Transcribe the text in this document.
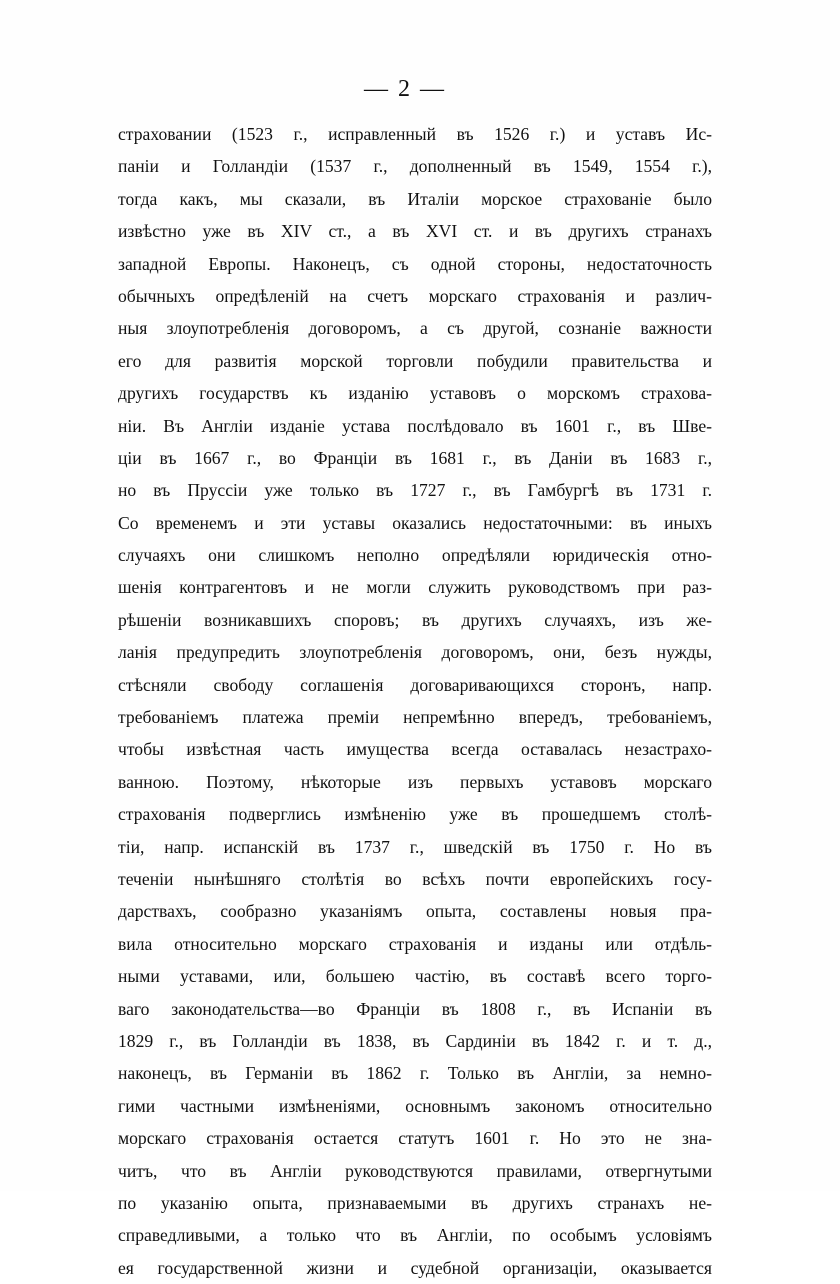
— 2 —
страховании (1523 г., исправленный въ 1526 г.) и уставъ Ис-
паніи и Голландіи (1537 г., дополненный въ 1549, 1554 г.),
тогда какъ, мы сказали, въ Италіи морское страхованіе было
извѣстно уже въ XIV ст., а въ XVI ст. и въ другихъ странахъ
западной Европы. Наконецъ, съ одной стороны, недостаточность
обычныхъ опредѣленій на счетъ морскаго страхованія и различ-
ныя злоупотребленія договоромъ, а съ другой, сознаніе важности
его для развитія морской торговли побудили правительства и
другихъ государствъ къ изданію уставовъ о морскомъ страхова-
ніи. Въ Англіи изданіе устава послѣдовало въ 1601 г., въ Шве-
ціи въ 1667 г., во Франціи въ 1681 г., въ Даніи въ 1683 г.,
но въ Пруссіи уже только въ 1727 г., въ Гамбургѣ въ 1731 г.
Со временемъ и эти уставы оказались недостаточными: въ иныхъ
случаяхъ они слишкомъ неполно опредѣляли юридическія отно-
шенія контрагентовъ и не могли служить руководствомъ при раз-
рѣшеніи возникавшихъ споровъ; въ другихъ случаяхъ, изъ же-
ланія предупредить злоупотребленія договоромъ, они, безъ нужды,
стѣсняли свободу соглашенія договаривающихся сторонъ, напр.
требованіемъ платежа преміи непремѣнно впередъ, требованіемъ,
чтобы извѣстная часть имущества всегда оставалась незастрахо-
ванною. Поэтому, нѣкоторые изъ первыхъ уставовъ морскаго
страхованія подверглись измѣненію уже въ прошедшемъ столѣ-
тіи, напр. испанскій въ 1737 г., шведскій въ 1750 г. Но въ
теченіи нынѣшняго столѣтія во всѣхъ почти европейскихъ госу-
дарствахъ, сообразно указаніямъ опыта, составлены новыя пра-
вила относительно морскаго страхованія и изданы или отдѣль-
ными уставами, или, большею частію, въ составѣ всего торго-
ваго законодательства—во Франціи въ 1808 г., въ Испаніи въ
1829 г., въ Голландіи въ 1838, въ Сардиніи въ 1842 г. и т. д.,
наконецъ, въ Германіи въ 1862 г. Только въ Англіи, за немно-
гими частными измѣненіями, основнымъ закономъ относительно
морскаго страхованія остается статутъ 1601 г. Но это не зна-
читъ, что въ Англіи руководствуются правилами, отвергнутыми
по указанію опыта, признаваемыми въ другихъ странахъ не-
справедливыми, а только что въ Англіи, по особымъ условіямъ
ея государственной жизни и судебной организаціи, оказывается
